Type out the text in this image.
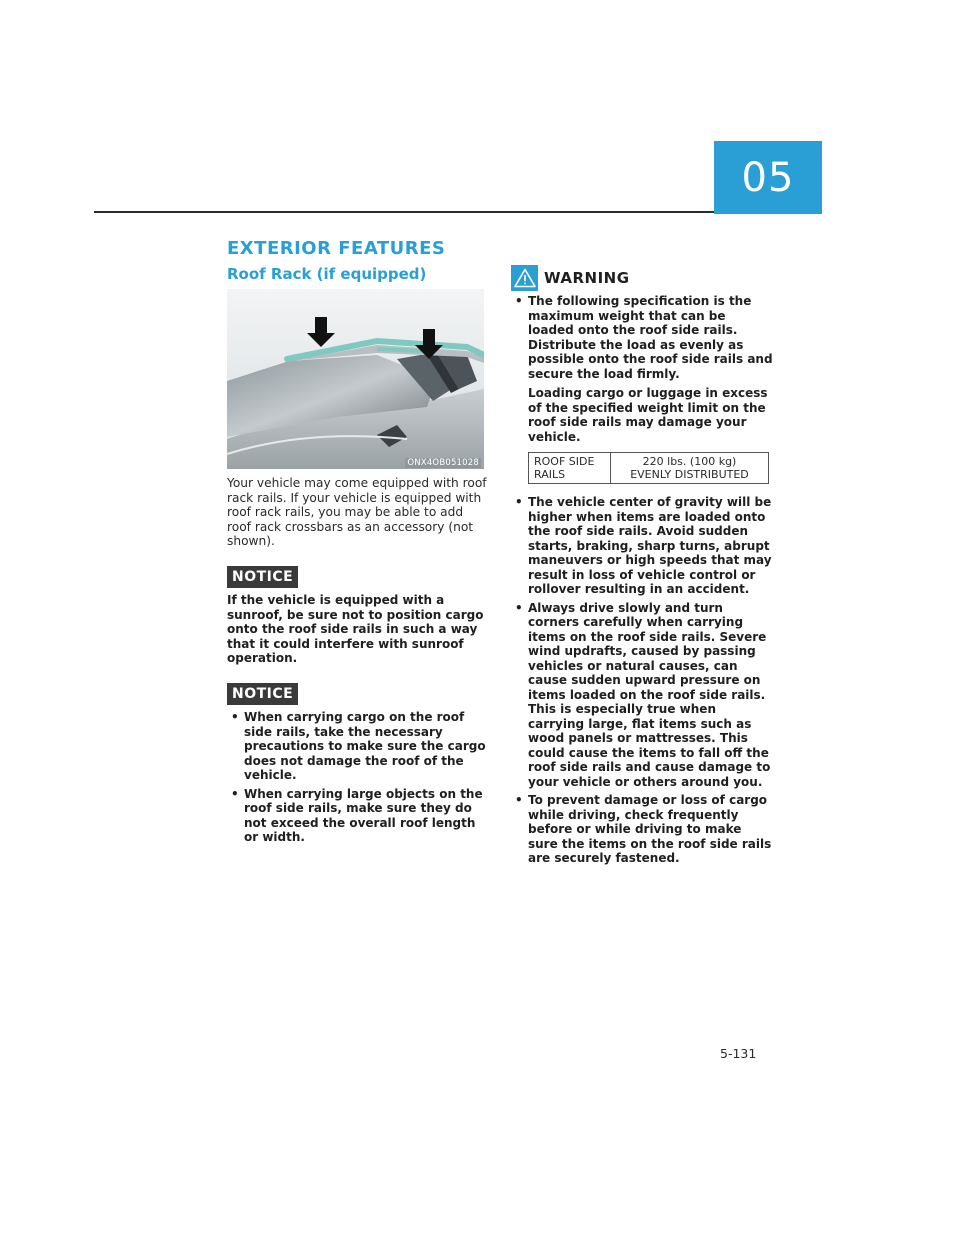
05
EXTERIOR FEATURES
Roof Rack (if equipped)
ONX4OB051028

Your vehicle may come equipped with roof rack rails. If your vehicle is equipped with roof rack rails, you may be able to add roof rack crossbars as an accessory (not shown).

NOTICE

If the vehicle is equipped with a sunroof, be sure not to position cargo onto the roof side rails in such a way that it could interfere with sunroof operation.

NOTICE
• When carrying cargo on the roof side rails, take the necessary precautions to make sure the cargo does not damage the roof of the vehicle.
• When carrying large objects on the roof side rails, make sure they do not exceed the overall roof length or width.
WARNING
• The following specification is the maximum weight that can be loaded onto the roof side rails. Distribute the load as evenly as possible onto the roof side rails and secure the load firmly.
Loading cargo or luggage in excess of the specified weight limit on the roof side rails may damage your vehicle.
ROOF SIDE RAILS	220 lbs. (100 kg)
EVENLY DISTRIBUTED
• The vehicle center of gravity will be higher when items are loaded onto the roof side rails. Avoid sudden starts, braking, sharp turns, abrupt maneuvers or high speeds that may result in loss of vehicle control or rollover resulting in an accident.
• Always drive slowly and turn corners carefully when carrying items on the roof side rails. Severe wind updrafts, caused by passing vehicles or natural causes, can cause sudden upward pressure on items loaded on the roof side rails. This is especially true when carrying large, flat items such as wood panels or mattresses. This could cause the items to fall off the roof side rails and cause damage to your vehicle or others around you.
• To prevent damage or loss of cargo while driving, check frequently before or while driving to make sure the items on the roof side rails are securely fastened.
5-131
